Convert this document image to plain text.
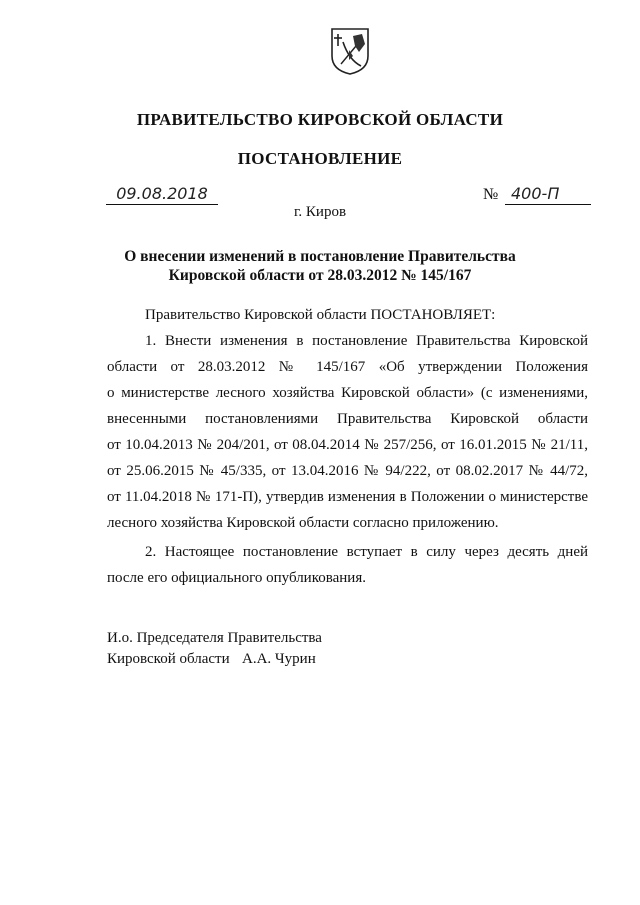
ПРАВИТЕЛЬСТВО КИРОВСКОЙ ОБЛАСТИ
ПОСТАНОВЛЕНИЕ
09.08.2018	№ 400-П
г. Киров
О внесении изменений в постановление Правительства
Кировской области от 28.03.2012 № 145/167
Правительство Кировской области ПОСТАНОВЛЯЕТ:
1. Внести изменения в постановление Правительства Кировской
области от 28.03.2012 № 145/167 «Об утверждении Положения
о министерстве лесного хозяйства Кировской области» (с изменениями,
внесенными постановлениями Правительства Кировской области
от 10.04.2013 № 204/201, от 08.04.2014 № 257/256, от 16.01.2015 № 21/11,
от 25.06.2015 № 45/335, от 13.04.2016 № 94/222, от 08.02.2017 № 44/72,
от 11.04.2018 № 171-П), утвердив изменения в Положении о министерстве
лесного хозяйства Кировской области согласно приложению.
2. Настоящее постановление вступает в силу через десять дней
после его официального опубликования.
И.о. Председателя Правительства
Кировской области А.А. Чурин
